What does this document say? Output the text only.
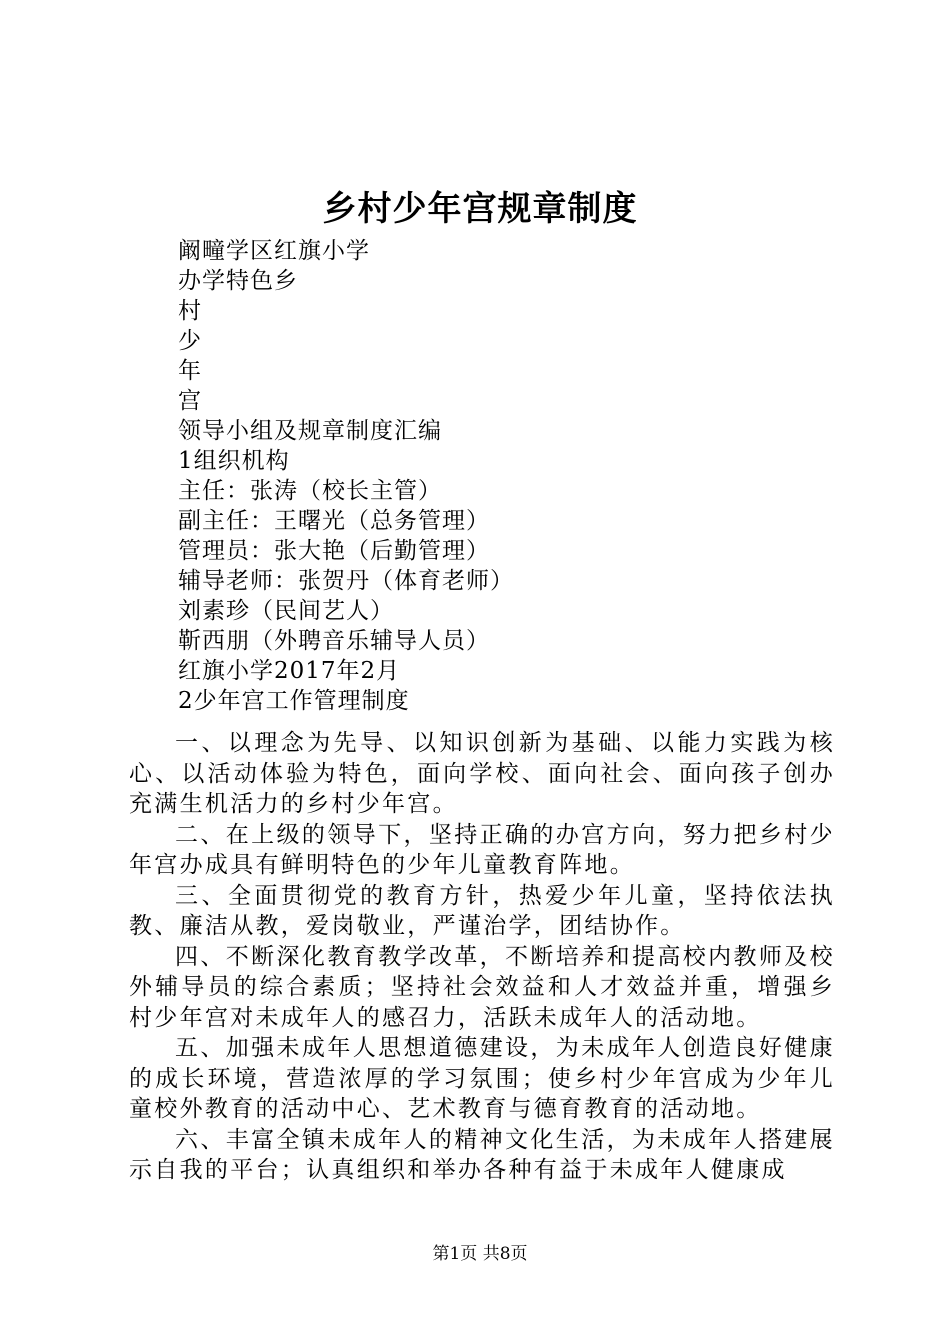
乡村少年宫规章制度
阚疃学区红旗小学
办学特色乡
村
少
年
宫
领导小组及规章制度汇编
1组织机构
主任：张涛（校长主管）
副主任：王曙光（总务管理）
管理员：张大艳（后勤管理）
辅导老师：张贺丹（体育老师）
刘素珍（民间艺人）
靳西朋（外聘音乐辅导人员）
红旗小学2017年2月
2少年宫工作管理制度

一、以理念为先导、以知识创新为基础、以能力实践为核心、以活动体验为特色，面向学校、面向社会、面向孩子创办充满生机活力的乡村少年宫。

二、在上级的领导下，坚持正确的办宫方向，努力把乡村少年宫办成具有鲜明特色的少年儿童教育阵地。

三、全面贯彻党的教育方针，热爱少年儿童，坚持依法执教、廉洁从教，爱岗敬业，严谨治学，团结协作。

四、不断深化教育教学改革，不断培养和提高校内教师及校外辅导员的综合素质；坚持社会效益和人才效益并重，增强乡村少年宫对未成年人的感召力，活跃未成年人的活动地。

五、加强未成年人思想道德建设，为未成年人创造良好健康的成长环境，营造浓厚的学习氛围；使乡村少年宫成为少年儿童校外教育的活动中心、艺术教育与德育教育的活动地。

六、丰富全镇未成年人的精神文化生活，为未成年人搭建展示自我的平台；认真组织和举办各种有益于未成年人健康成

第1页 共8页
